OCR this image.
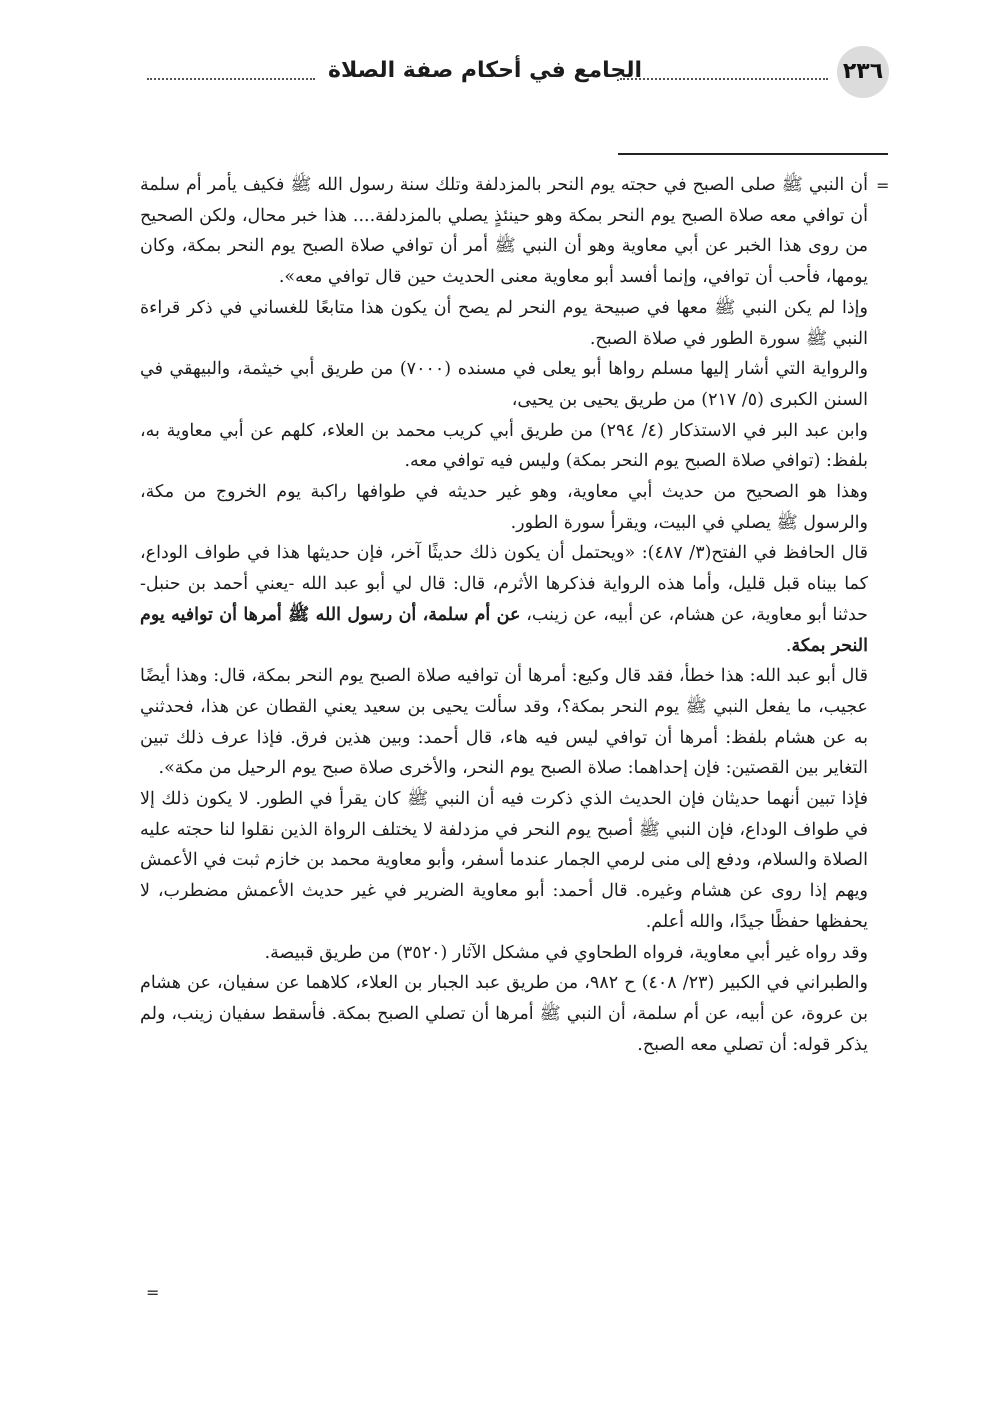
الجامع في أحكام صفة الصلاة	٢٣٦
=

أن النبي ﷺ صلى الصبح في حجته يوم النحر بالمزدلفة وتلك سنة رسول الله ﷺ فكيف يأمر أم سلمة أن توافي معه صلاة الصبح يوم النحر بمكة وهو حينئذٍ يصلي بالمزدلفة.... هذا خبر محال، ولكن الصحيح من روى هذا الخبر عن أبي معاوية وهو أن النبي ﷺ أمر أن توافي صلاة الصبح يوم النحر بمكة، وكان يومها، فأحب أن توافي، وإنما أفسد أبو معاوية معنى الحديث حين قال توافي معه».

وإذا لم يكن النبي ﷺ معها في صبيحة يوم النحر لم يصح أن يكون هذا متابعًا للغساني في ذكر قراءة النبي ﷺ سورة الطور في صلاة الصبح.

والرواية التي أشار إليها مسلم رواها أبو يعلى في مسنده (٧٠٠٠) من طريق أبي خيثمة، والبيهقي في السنن الكبرى (٥/ ٢١٧) من طريق يحيى بن يحيى،

وابن عبد البر في الاستذكار (٤/ ٢٩٤) من طريق أبي كريب محمد بن العلاء، كلهم عن أبي معاوية به، بلفظ: (توافي صلاة الصبح يوم النحر بمكة) وليس فيه توافي معه.

وهذا هو الصحيح من حديث أبي معاوية، وهو غير حديثه في طوافها راكبة يوم الخروج من مكة، والرسول ﷺ يصلي في البيت، ويقرأ سورة الطور.

قال الحافظ في الفتح(٣/ ٤٨٧): «ويحتمل أن يكون ذلك حديثًا آخر، فإن حديثها هذا في طواف الوداع، كما بيناه قبل قليل، وأما هذه الرواية فذكرها الأثرم، قال: قال لي أبو عبد الله -يعني أحمد بن حنبل- حدثنا أبو معاوية، عن هشام، عن أبيه، عن زينب، عن أم سلمة، أن رسول الله ﷺ أمرها أن توافيه يوم النحر بمكة.

قال أبو عبد الله: هذا خطأ، فقد قال وكيع: أمرها أن توافيه صلاة الصبح يوم النحر بمكة، قال: وهذا أيضًا عجيب، ما يفعل النبي ﷺ يوم النحر بمكة؟، وقد سألت يحيى بن سعيد يعني القطان عن هذا، فحدثني به عن هشام بلفظ: أمرها أن توافي ليس فيه هاء، قال أحمد: وبين هذين فرق. فإذا عرف ذلك تبين التغاير بين القصتين: فإن إحداهما: صلاة الصبح يوم النحر، والأخرى صلاة صبح يوم الرحيل من مكة».

فإذا تبين أنهما حديثان فإن الحديث الذي ذكرت فيه أن النبي ﷺ كان يقرأ في الطور. لا يكون ذلك إلا في طواف الوداع، فإن النبي ﷺ أصبح يوم النحر في مزدلفة لا يختلف الرواة الذين نقلوا لنا حجته عليه الصلاة والسلام، ودفع إلى منى لرمي الجمار عندما أسفر، وأبو معاوية محمد بن خازم ثبت في الأعمش ويهم إذا روى عن هشام وغيره. قال أحمد: أبو معاوية الضرير في غير حديث الأعمش مضطرب، لا يحفظها حفظًا جيدًا، والله أعلم.

وقد رواه غير أبي معاوية، فرواه الطحاوي في مشكل الآثار (٣٥٢٠) من طريق قبيصة.

والطبراني في الكبير (٢٣/ ٤٠٨) ح ٩٨٢، من طريق عبد الجبار بن العلاء، كلاهما عن سفيان، عن هشام بن عروة، عن أبيه، عن أم سلمة، أن النبي ﷺ أمرها أن تصلي الصبح بمكة. فأسقط سفيان زينب، ولم يذكر قوله: أن تصلي معه الصبح.

=
